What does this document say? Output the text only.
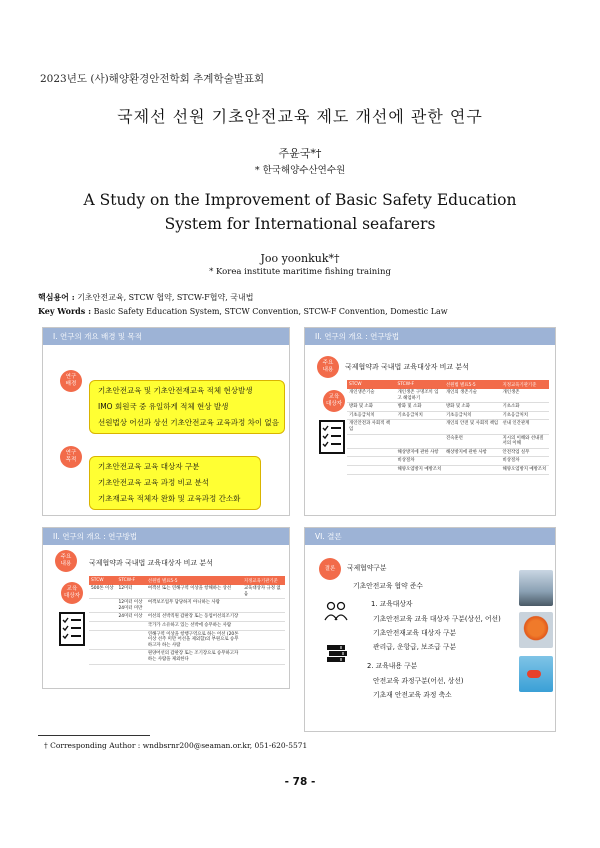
2023년도 (사)해양환경안전학회 추계학술발표회
국제선 선원 기초안전교육 제도 개선에 관한 연구
주윤국*†
* 한국해양수산연수원
A Study on the Improvement of Basic Safety Education System for International seafarers
Joo yoonkuk*†
* Korea institute maritime fishing training
핵심용어 : 기초안전교육, STCW 협약, STCW-F협약, 국내법
Key Words : Basic Safety Education System, STCW Convention, STCW-F Convention, Domestic Law
I. 연구의 개요 배경 및 목적
연구
배경
기초안전교육 및 기초안전재교육 적체 현상발생
IMO 회원국 중 유일하게 적체 현상 발생
선원법상 어선과 상선 기초안전교육 교육과정 차이 없음
연구
목적
기초안전교육 교육 대상자 구분
기초안전교육 교육 과정 비교 분석
기초재교육 적체자 완화 및 교육과정 간소화
II. 연구의 개요 : 연구방법
주요
내용	국제협약과 국내법 교육대상자 비교 분석
교육
대상자
STCW	STCW-F	선원법 별표5-5	지정교육기관기준
개인생존기술	개인생존 구명조끼 입고 헤엄하기	개인의 생존기술	개인생존
방화 및 소화	방화 및 소화	방화 및 소화	기초소화
기초응급처치	기초응급처치	기초응급처치	기초응급처치
개인안전과 사회적 책임		개인의 안전 및 사회적 책임	선내 인간관계
		진숙훈련	지시의 이해와 선내질서의 이해
	해상방지에 관한 사항	해상방지에 관한 사항	안전작업 실무
	비상절차		비상절차
	해양오염방지 예방조치		해양오염방지 예방조치
II. 연구의 개요 : 연구방법
주요
내용	국제협약과 국내법 교육대상자 비교 분석
교육
대상자
STCW	STCW-F	선원법 별표5-5	지정교육기관기준
500톤 이상	12미터	여객선 또는 연해구역 이상을 항해하는 상선	교육대상자 규정 없음
	12미터 이상 24미터 미만	여객보조업무 담당하지 아니하는 사람	
	24미터 이상	어선의 선박직원 갑판장 또는 동업어선의조기장	
		국가가 소유하고 있는 선박에 승무하는 사람	
		연해구역 이상을 항행구역으로 하는 어선 (20톤 이상 선주 미만 어선을 제외함)의 부원으로 승무하고자 하는 사람	
		원양어선의 갑판장 또는 조기장으로 승무하고자 하는 사람을 제외한다	
VI. 결론
결론	국제협약구분
기초안전교육 협약 준수
1. 교육대상자
기초안전교육 교육 대상자 구분(상선, 어선)
기초안전재교육 대상자 구분
관리급, 운항급, 보조급 구분
2. 교육내용 구분
안전교육 과정구분(어선, 상선)
기초재 안전교육 과정 축소
† Corresponding Author : wndbsrnr200@seaman.or.kr, 051-620-5571
- 78 -
